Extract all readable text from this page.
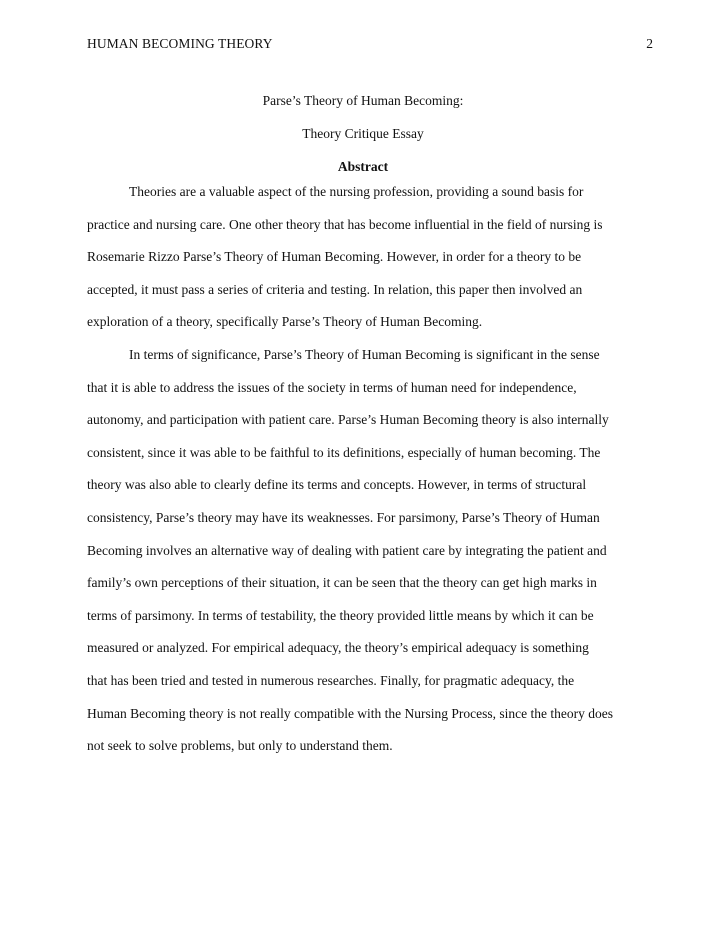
HUMAN BECOMING THEORY	2
Parse’s Theory of Human Becoming:
Theory Critique Essay
Abstract
Theories are a valuable aspect of the nursing profession, providing a sound basis for
practice and nursing care. One other theory that has become influential in the field of nursing is
Rosemarie Rizzo Parse’s Theory of Human Becoming. However, in order for a theory to be
accepted, it must pass a series of criteria and testing. In relation, this paper then involved an
exploration of a theory, specifically Parse’s Theory of Human Becoming.
In terms of significance, Parse’s Theory of Human Becoming is significant in the sense
that it is able to address the issues of the society in terms of human need for independence,
autonomy, and participation with patient care. Parse’s Human Becoming theory is also internally
consistent, since it was able to be faithful to its definitions, especially of human becoming. The
theory was also able to clearly define its terms and concepts. However, in terms of structural
consistency, Parse’s theory may have its weaknesses. For parsimony, Parse’s Theory of Human
Becoming involves an alternative way of dealing with patient care by integrating the patient and
family’s own perceptions of their situation, it can be seen that the theory can get high marks in
terms of parsimony. In terms of testability, the theory provided little means by which it can be
measured or analyzed. For empirical adequacy, the theory’s empirical adequacy is something
that has been tried and tested in numerous researches. Finally, for pragmatic adequacy, the
Human Becoming theory is not really compatible with the Nursing Process, since the theory does
not seek to solve problems, but only to understand them.
